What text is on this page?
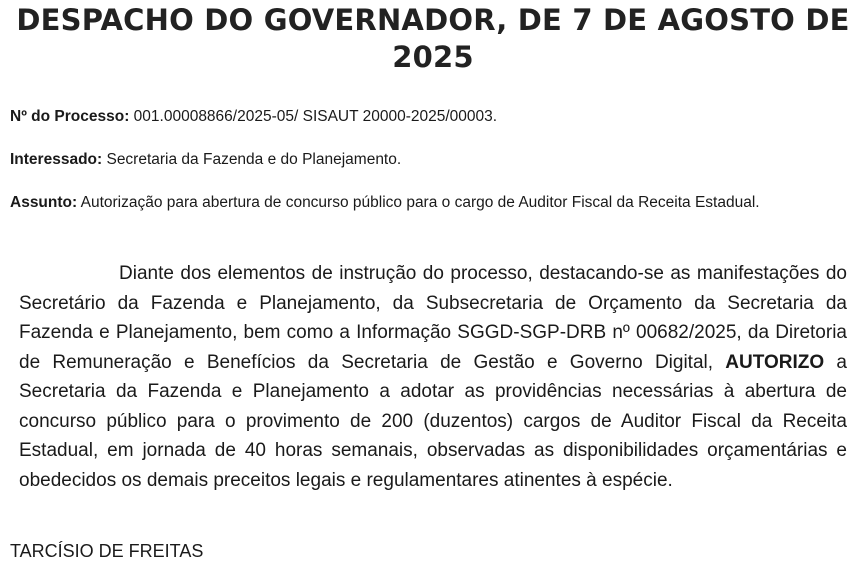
DESPACHO DO GOVERNADOR, DE 7 DE AGOSTO DE 2025

Nº do Processo: 001.00008866/2025-05/ SISAUT 20000-2025/00003.

Interessado: Secretaria da Fazenda e do Planejamento.

Assunto: Autorização para abertura de concurso público para o cargo de Auditor Fiscal da Receita Estadual.

Diante dos elementos de instrução do processo, destacando-se as manifestações do Secretário da Fazenda e Planejamento, da Subsecretaria de Orçamento da Secretaria da Fazenda e Planejamento, bem como a Informação SGGD-SGP-DRB nº 00682/2025, da Diretoria de Remuneração e Benefícios da Secretaria de Gestão e Governo Digital, AUTORIZO a Secretaria da Fazenda e Planejamento a adotar as providências necessárias à abertura de concurso público para o provimento de 200 (duzentos) cargos de Auditor Fiscal da Receita Estadual, em jornada de 40 horas semanais, observadas as disponibilidades orçamentárias e obedecidos os demais preceitos legais e regulamentares atinentes à espécie.

TARCÍSIO DE FREITAS
